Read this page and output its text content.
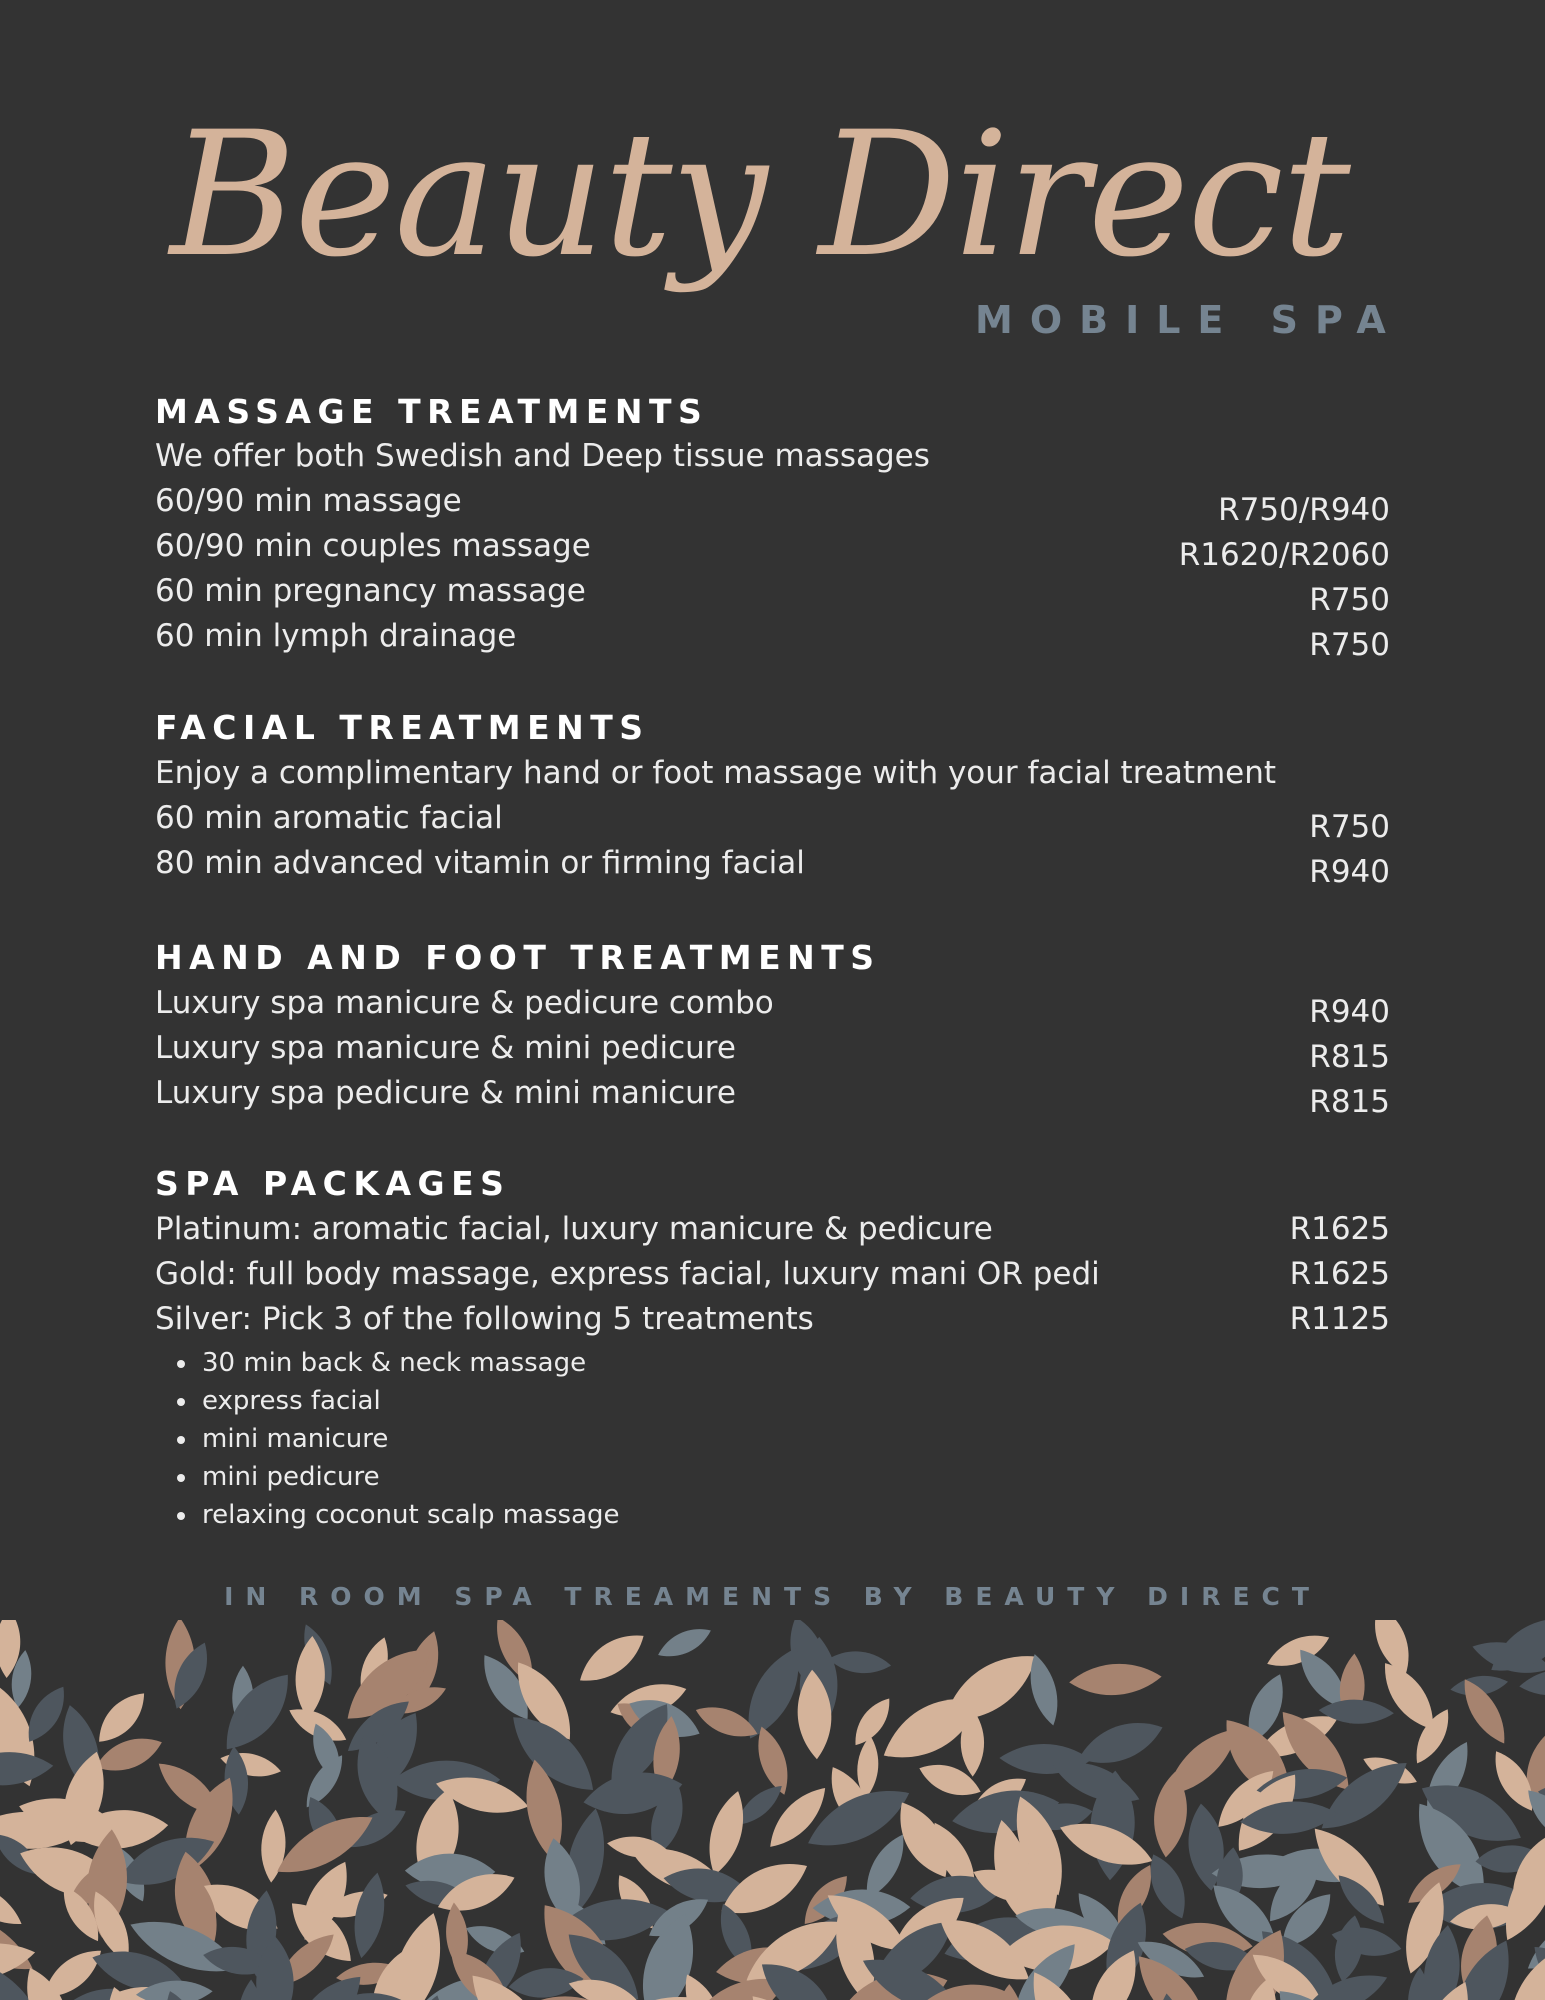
Beauty Direct
MOBILE SPA
MASSAGE TREATMENTS
We offer both Swedish and Deep tissue massages
60/90 min massage	R750/R940
60/90 min couples massage	R1620/R2060
60 min pregnancy massage	R750
60 min lymph drainage	R750
FACIAL TREATMENTS
Enjoy a complimentary hand or foot massage with your facial treatment
60 min aromatic facial	R750
80 min advanced vitamin or firming facial	R940
HAND AND FOOT TREATMENTS
Luxury spa manicure & pedicure combo	R940
Luxury spa manicure & mini pedicure	R815
Luxury spa pedicure & mini manicure	R815
SPA PACKAGES
Platinum: aromatic facial, luxury manicure & pedicure	R1625
Gold: full body massage, express facial, luxury mani OR pedi	R1625
Silver: Pick 3 of the following 5 treatments	R1125
30 min back & neck massage
express facial
mini manicure
mini pedicure
relaxing coconut scalp massage
IN ROOM SPA TREAMENTS BY BEAUTY DIRECT
